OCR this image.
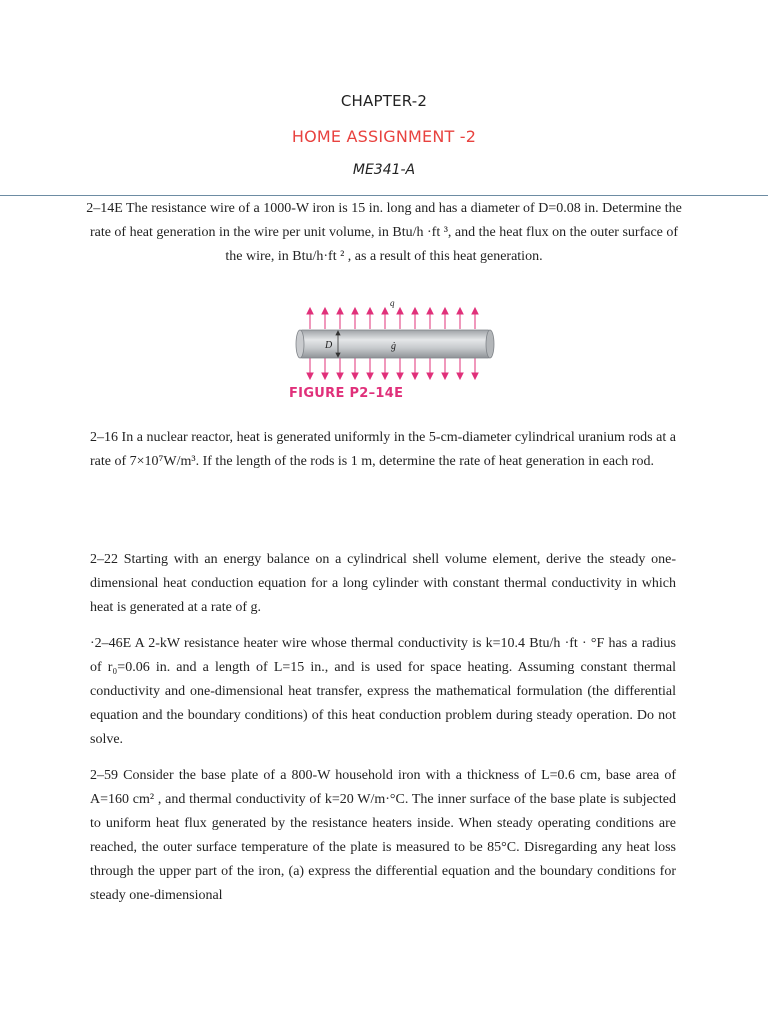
CHAPTER-2
HOME ASSIGNMENT -2
ME341-A

2–14E The resistance wire of a 1000-W iron is 15 in. long and has a diameter of D=0.08 in. Determine the rate of heat generation in the wire per unit volume, in Btu/h ·ft ³, and the heat flux on the outer surface of the wire, in Btu/h·ft ² , as a result of this heat generation.

D	ġ
q
FIGURE P2–14E

2–16 In a nuclear reactor, heat is generated uniformly in the 5-cm-diameter cylindrical uranium rods at a rate of 7×10⁷W/m³. If the length of the rods is 1 m, determine the rate of heat generation in each rod.

2–22 Starting with an energy balance on a cylindrical shell volume element, derive the steady one-dimensional heat conduction equation for a long cylinder with constant thermal conductivity in which heat is generated at a rate of g.

·2–46E A 2-kW resistance heater wire whose thermal conductivity is k=10.4 Btu/h ·ft · °F has a radius of r₀=0.06 in. and a length of L=15 in., and is used for space heating. Assuming constant thermal conductivity and one-dimensional heat transfer, express the mathematical formulation (the differential equation and the boundary conditions) of this heat conduction problem during steady operation. Do not solve.

2–59 Consider the base plate of a 800-W household iron with a thickness of L=0.6 cm, base area of A=160 cm² , and thermal conductivity of k=20 W/m·°C. The inner surface of the base plate is subjected to uniform heat flux generated by the resistance heaters inside. When steady operating conditions are reached, the outer surface temperature of the plate is measured to be 85°C. Disregarding any heat loss through the upper part of the iron, (a) express the differential equation and the boundary conditions for steady one-dimensional
